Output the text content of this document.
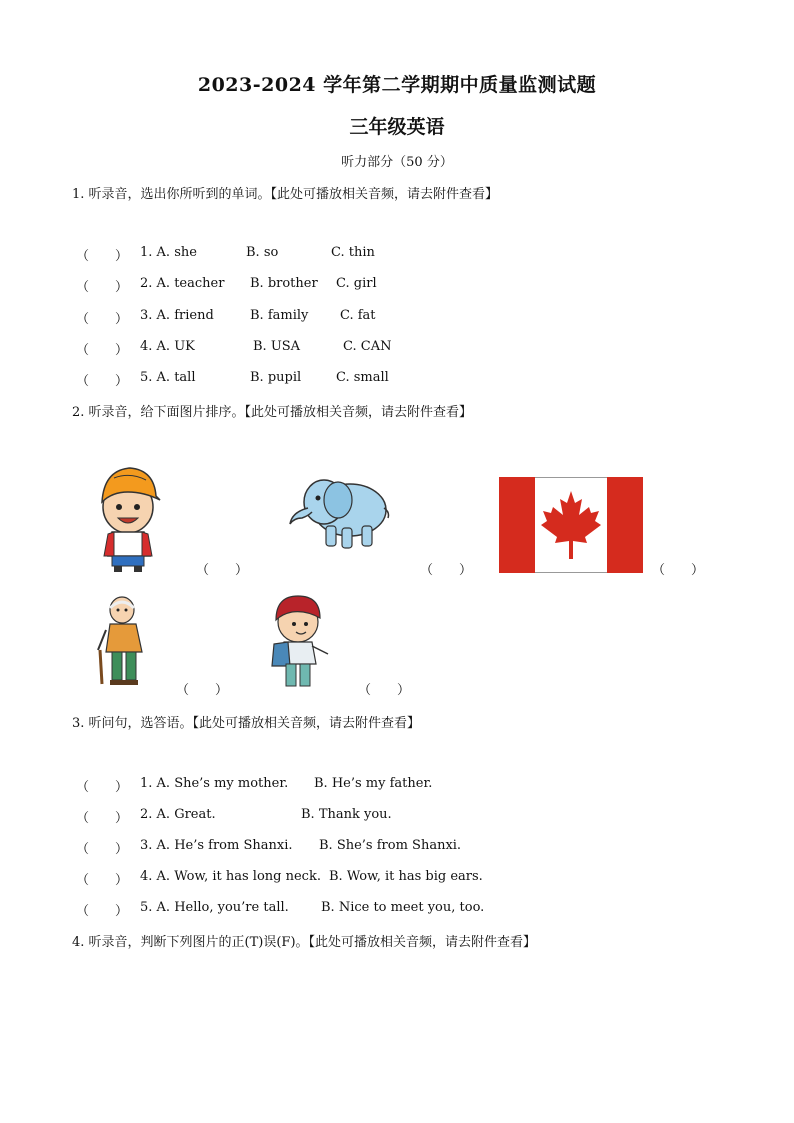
2023-2024 学年第二学期期中质量监测试题
三年级英语
听力部分（50 分）
1. 听录音，选出你所听到的单词。【此处可播放相关音频，请去附件查看】
（　　） 1. A. she	B. so	C. thin
（　　） 2. A. teacher B. brother C. girl
（　　） 3. A. friend	B. family C. fat
（　　） 4. A. UK	B. USA	C. CAN
（　　） 5. A. tall	B. pupil	C. small
2. 听录音，给下面图片排序。【此处可播放相关音频，请去附件查看】
（　　）	（　　）	（　　）
（　　）	（　　）
3. 听问句，选答语。【此处可播放相关音频，请去附件查看】
（　　） 1. A. She’s my mother. B. He’s my father.
（　　） 2. A. Great.	B. Thank you.
（　　） 3. A. He’s from Shanxi. B. She’s from Shanxi.
（　　） 4. A. Wow, it has long neck. B. Wow, it has big ears.
（　　） 5. A. Hello, you’re tall. B. Nice to meet you, too.
4. 听录音，判断下列图片的正(T)误(F)。【此处可播放相关音频，请去附件查看】
